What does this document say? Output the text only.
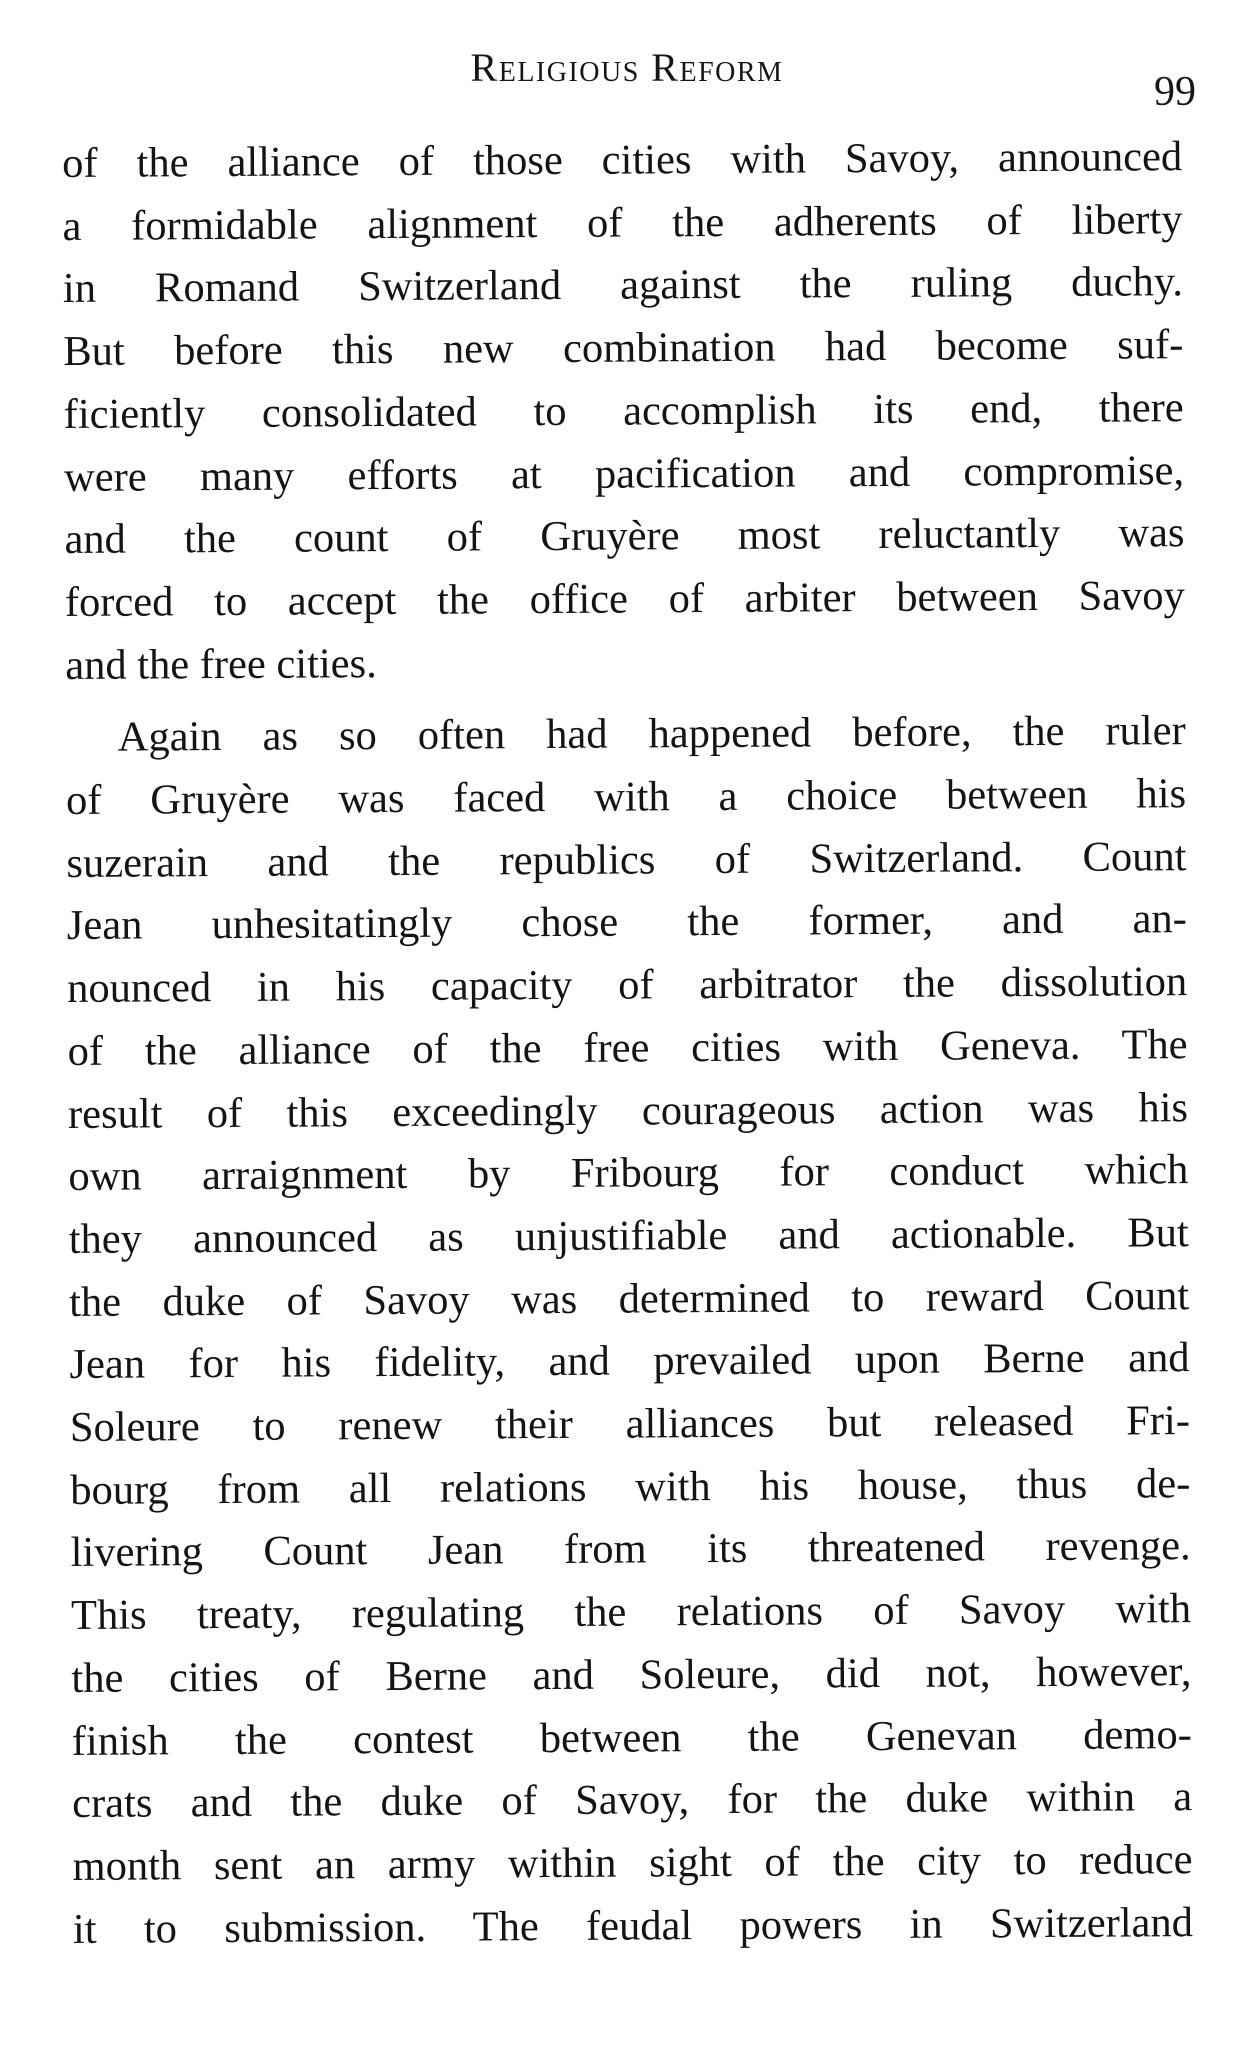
Religious Reform
99
of the alliance of those cities with Savoy, announced
a formidable alignment of the adherents of liberty
in Romand Switzerland against the ruling duchy.
But before this new combination had become suf-
ficiently consolidated to accomplish its end, there
were many efforts at pacification and compromise,
and the count of Gruyère most reluctantly was
forced to accept the office of arbiter between Savoy
and the free cities.
Again as so often had happened before, the ruler
of Gruyère was faced with a choice between his
suzerain and the republics of Switzerland. Count
Jean unhesitatingly chose the former, and an-
nounced in his capacity of arbitrator the dissolution
of the alliance of the free cities with Geneva. The
result of this exceedingly courageous action was his
own arraignment by Fribourg for conduct which
they announced as unjustifiable and actionable. But
the duke of Savoy was determined to reward Count
Jean for his fidelity, and prevailed upon Berne and
Soleure to renew their alliances but released Fri-
bourg from all relations with his house, thus de-
livering Count Jean from its threatened revenge.
This treaty, regulating the relations of Savoy with
the cities of Berne and Soleure, did not, however,
finish the contest between the Genevan demo-
crats and the duke of Savoy, for the duke within a
month sent an army within sight of the city to reduce
it to submission. The feudal powers in Switzerland
